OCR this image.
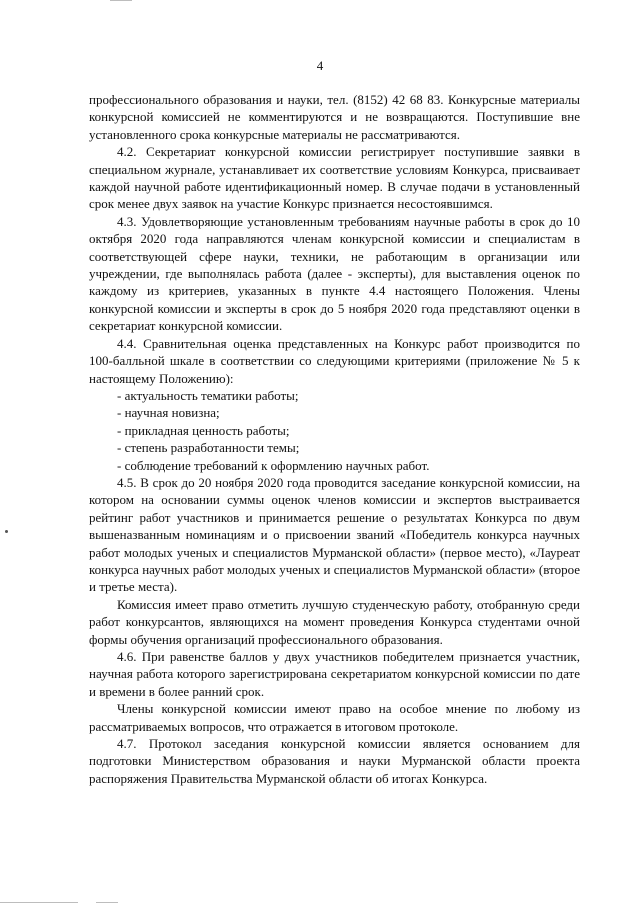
4

профессионального образования и науки, тел. (8152) 42 68 83. Конкурсные материалы конкурсной комиссией не комментируются и не возвращаются. Поступившие вне установленного срока конкурсные материалы не рассматриваются.

4.2. Секретариат конкурсной комиссии регистрирует поступившие заявки в специальном журнале, устанавливает их соответствие условиям Конкурса, присваивает каждой научной работе идентификационный номер. В случае подачи в установленный срок менее двух заявок на участие Конкурс признается несостоявшимся.

4.3. Удовлетворяющие установленным требованиям научные работы в срок до 10 октября 2020 года направляются членам конкурсной комиссии и специалистам в соответствующей сфере науки, техники, не работающим в организации или учреждении, где выполнялась работа (далее - эксперты), для выставления оценок по каждому из критериев, указанных в пункте 4.4 настоящего Положения. Члены конкурсной комиссии и эксперты в срок до 5 ноября 2020 года представляют оценки в секретариат конкурсной комиссии.

4.4. Сравнительная оценка представленных на Конкурс работ производится по 100-балльной шкале в соответствии со следующими критериями (приложение № 5 к настоящему Положению):

- актуальность тематики работы;
- научная новизна;
- прикладная ценность работы;
- степень разработанности темы;
- соблюдение требований к оформлению научных работ.

4.5. В срок до 20 ноября 2020 года проводится заседание конкурсной комиссии, на котором на основании суммы оценок членов комиссии и экспертов выстраивается рейтинг работ участников и принимается решение о результатах Конкурса по двум вышеназванным номинациям и о присвоении званий «Победитель конкурса научных работ молодых ученых и специалистов Мурманской области» (первое место), «Лауреат конкурса научных работ молодых ученых и специалистов Мурманской области» (второе и третье места).

Комиссия имеет право отметить лучшую студенческую работу, отобранную среди работ конкурсантов, являющихся на момент проведения Конкурса студентами очной формы обучения организаций профессионального образования.

4.6. При равенстве баллов у двух участников победителем признается участник, научная работа которого зарегистрирована секретариатом конкурсной комиссии по дате и времени в более ранний срок.

Члены конкурсной комиссии имеют право на особое мнение по любому из рассматриваемых вопросов, что отражается в итоговом протоколе.

4.7. Протокол заседания конкурсной комиссии является основанием для подготовки Министерством образования и науки Мурманской области проекта распоряжения Правительства Мурманской области об итогах Конкурса.
